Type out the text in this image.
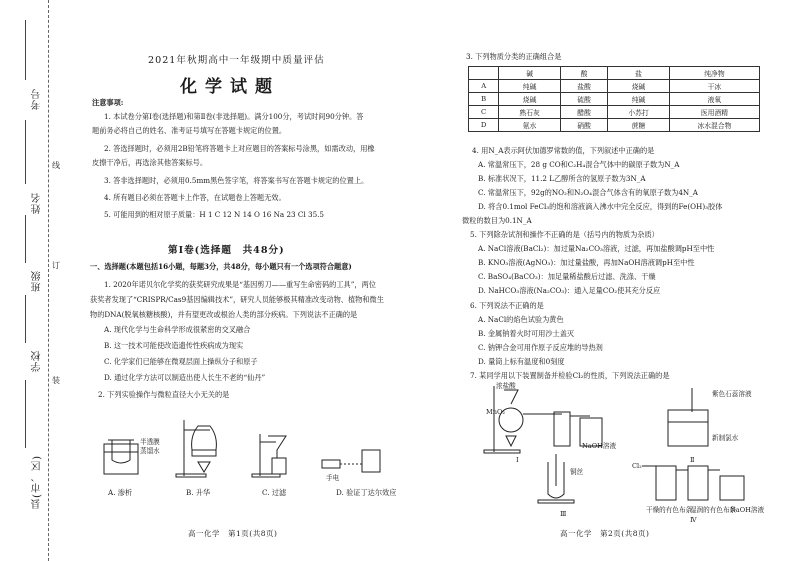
考号
姓名
班级
学校
县(市、区)
线
订
装
2021年秋期高中一年级期中质量评估
化学试题
注意事项:
1. 本试卷分第Ⅰ卷(选择题)和第Ⅱ卷(非选择题)。满分100分，考试时间90分钟。答
题前务必将自己的姓名、准考证号填写在答题卡规定的位置。
2. 答选择题时，必须用2B铅笔将答题卡上对应题目的答案标号涂黑，如需改动，用橡
皮擦干净后，再选涂其他答案标号。
3. 答非选择题时，必须用0.5mm黑色签字笔，将答案书写在答题卡规定的位置上。
4. 所有题目必须在答题卡上作答，在试题卷上答题无效。
5. 可能用到的相对原子质量：H 1 C 12 N 14 O 16 Na 23 Cl 35.5
第Ⅰ卷(选择题　共48分)
一、选择题(本题包括16小题，每题3分，共48分，每小题只有一个选项符合题意)
1. 2020年诺贝尔化学奖的获奖研究成果是“基因剪刀——重写生命密码的工具”，两位
获奖者发现了“CRISPR/Cas9基因编辑技术”，研究人员能够极其精准改变动物、植物和微生
物的DNA(脱氧核糖核酸)，并有望更改或根治人类的部分疾病。下列说法不正确的是
A. 现代化学与生命科学形成很紧密的交叉融合
B. 这一技术可能使改造遗传性疾病成为现实
C. 化学家们已能够在微观层面上操纵分子和原子
D. 通过化学方法可以制造出使人长生不老的“仙丹”
2. 下列实验操作与微粒直径大小无关的是
半透膜
蒸馏水
手电
A. 渗析	B. 升华	C. 过滤	D. 验证丁达尔效应
高一化学　第1页(共8页)
3. 下列物质分类的正确组合是
	碱	酸	盐	纯净物
A	纯碱	盐酸	烧碱	干冰
B	烧碱	硫酸	纯碱	液氧
C	熟石灰	醋酸	小苏打	医用酒精
D	氨水	硝酸	蔗糖	冰水混合物
4. 用N_A表示阿伏加德罗常数的值，下列叙述中正确的是
A. 常温常压下，28 g CO和C₂H₄混合气体中的碳原子数为N_A
B. 标准状况下，11.2 L乙醇所含的氢原子数为3N_A
C. 常温常压下，92g的NO₂和N₂O₄混合气体含有的氧原子数为4N_A
D. 将含0.1mol FeCl₃的饱和溶液滴入沸水中完全反应，得到的Fe(OH)₃胶体
微粒的数目为0.1N_A
5. 下列除杂试剂和操作不正确的是（括号内的物质为杂质）
A. NaCl溶液(BaCl₂)：加过量Na₂CO₃溶液，过滤，再加盐酸调pH至中性
B. KNO₃溶液(AgNO₃)：加过量盐酸，再加NaOH溶液调pH至中性
C. BaSO₄(BaCO₃)：加足量稀盐酸后过滤、洗涤、干燥
D. NaHCO₃溶液(Na₂CO₃)：通入足量CO₂使其充分反应
6. 下列说法不正确的是
A. NaCl的焰色试验为黄色
B. 金属钠着火时可用沙土盖灭
C. 钠钾合金可用作原子反应堆的导热剂
D. 量筒上标有温度和0刻度
7. 某同学用以下装置制备并检验Cl₂的性质，下列说法正确的是
浓盐酸
MnO₂
NaOH溶液
紫色石蕊溶液
新制氯水
Cl₂
铜丝
干燥的有色布条
湿润的有色布条
NaOH溶液
Ⅰ	Ⅱ
Ⅲ
Ⅳ
高一化学　第2页(共8页)
